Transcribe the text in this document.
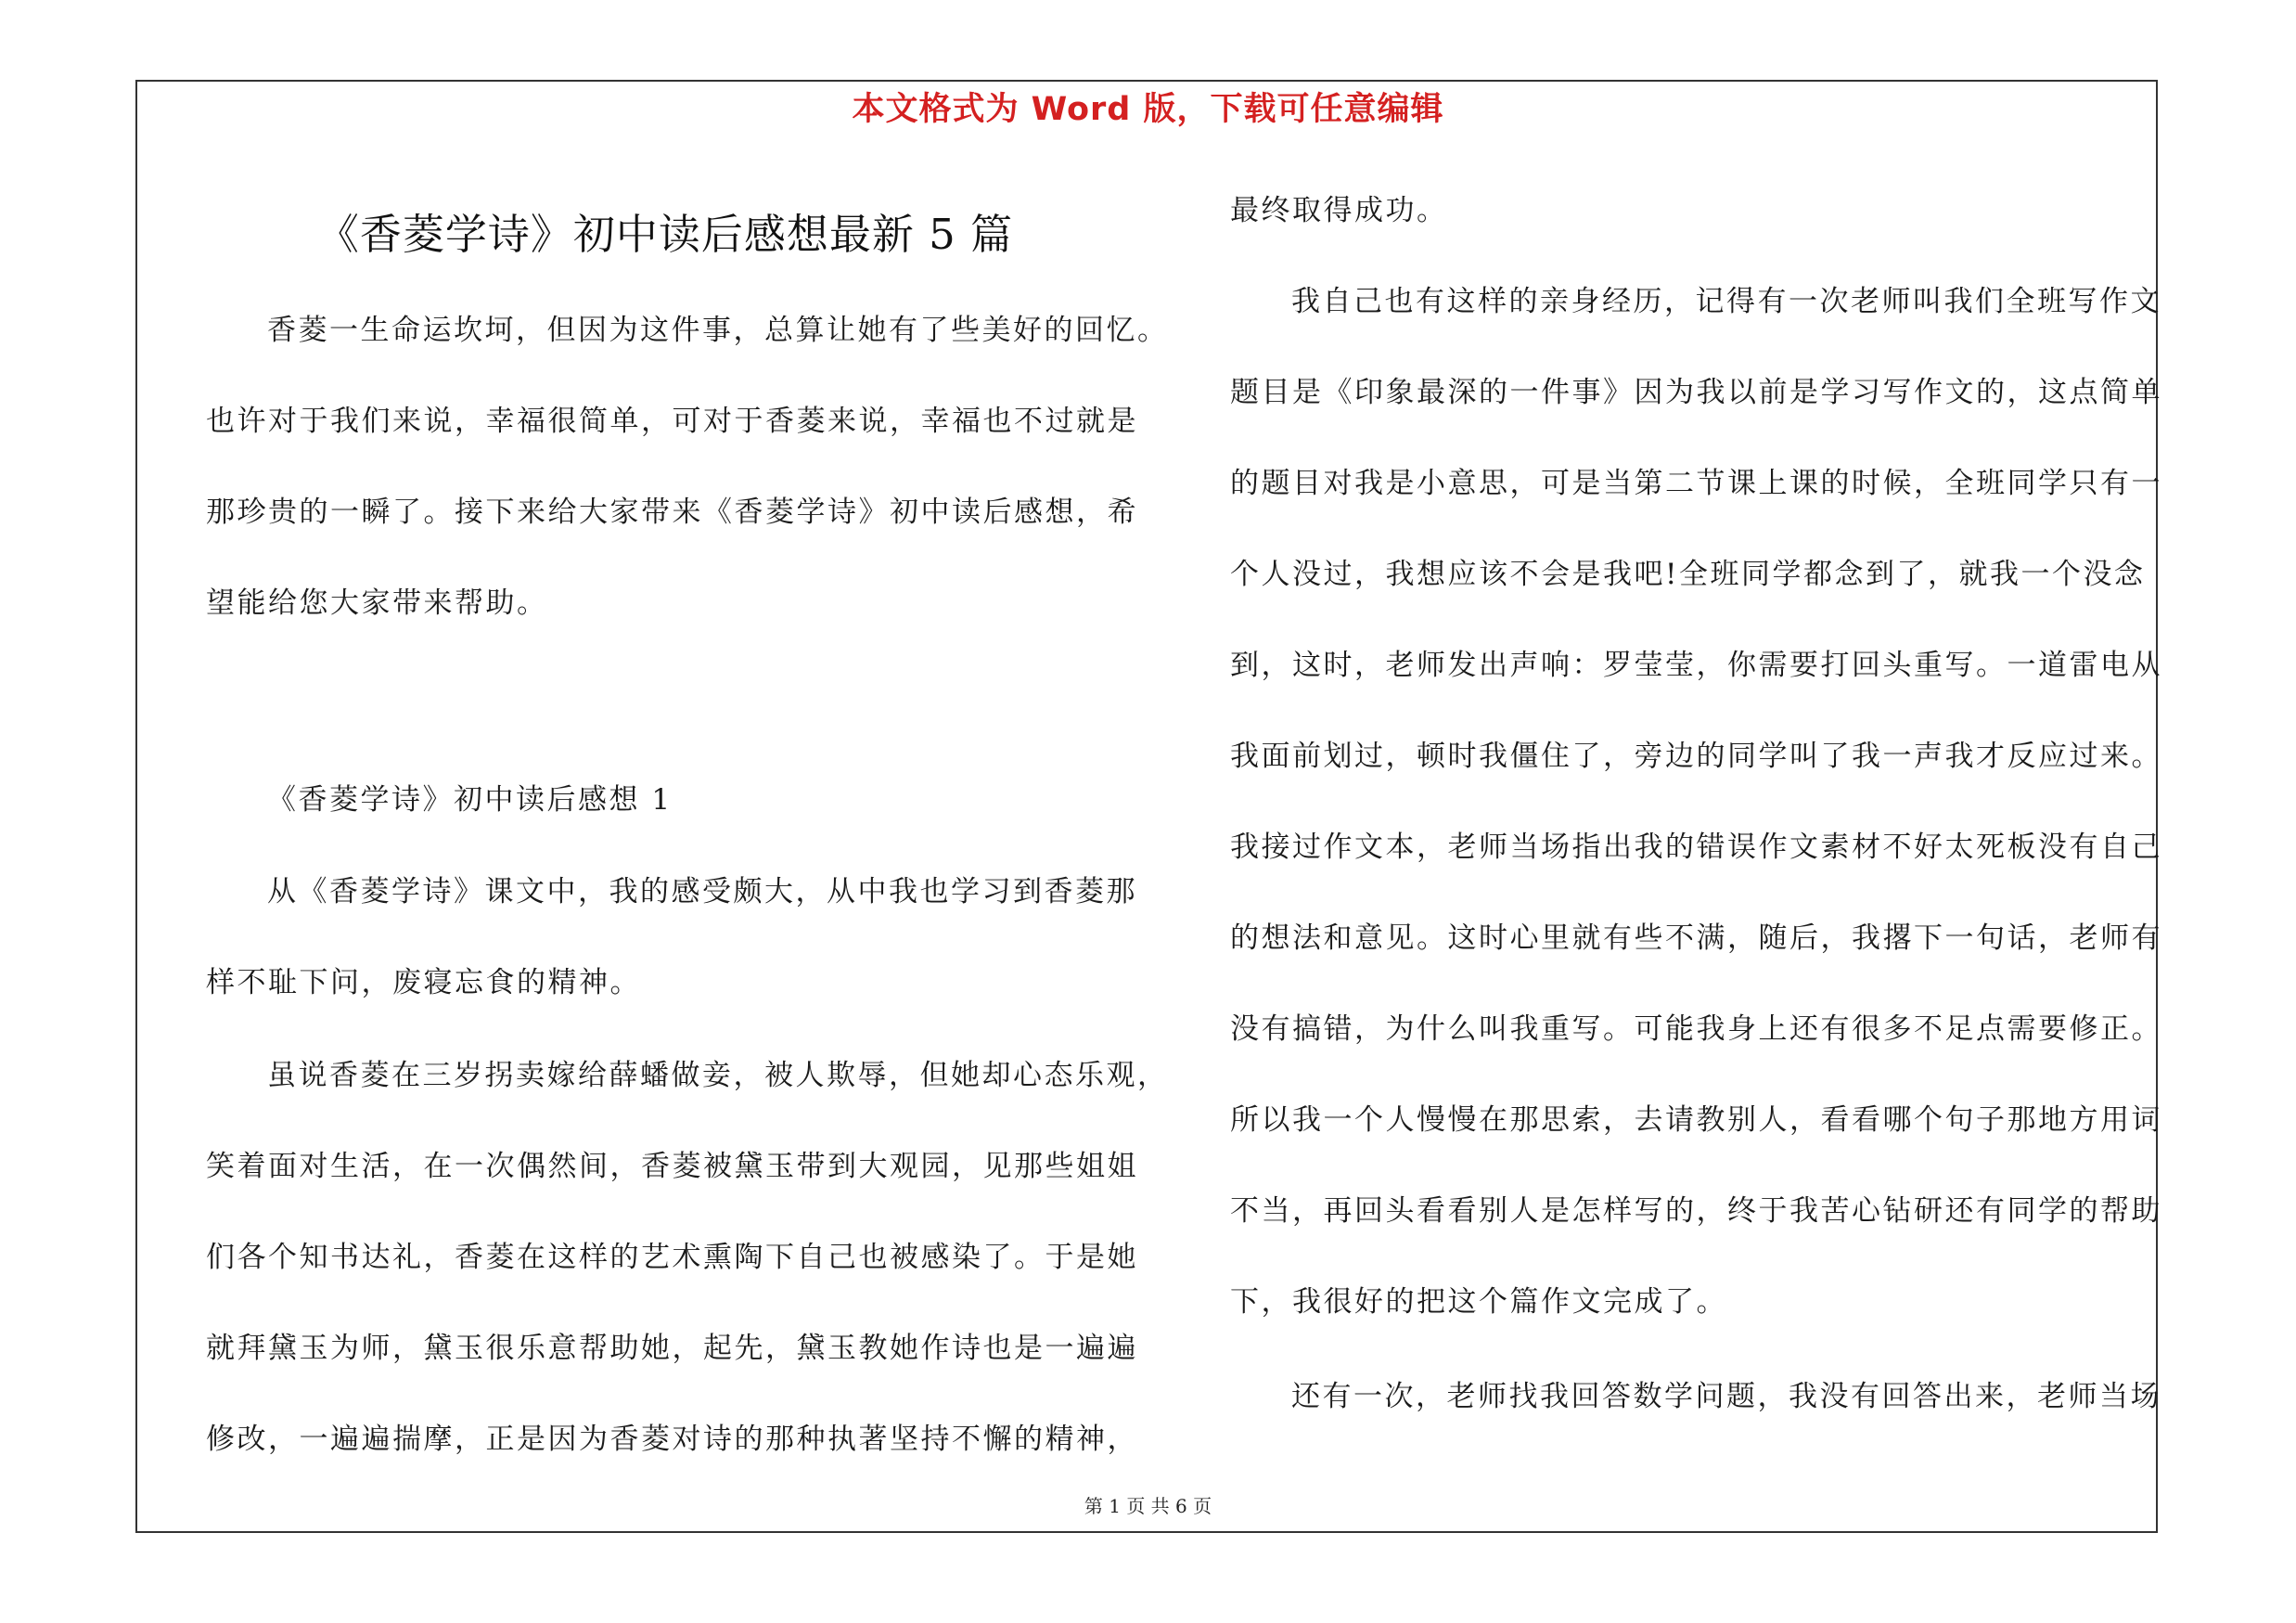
本文格式为 Word 版，下载可任意编辑
《香菱学诗》初中读后感想最新 5 篇
香菱一生命运坎坷，但因为这件事，总算让她有了些美好的回忆。
也许对于我们来说，幸福很简单，可对于香菱来说，幸福也不过就是
那珍贵的一瞬了。接下来给大家带来《香菱学诗》初中读后感想，希
望能给您大家带来帮助。
《香菱学诗》初中读后感想 1
从《香菱学诗》课文中，我的感受颇大，从中我也学习到香菱那
样不耻下问，废寝忘食的精神。
虽说香菱在三岁拐卖嫁给薛蟠做妾，被人欺辱，但她却心态乐观，
笑着面对生活，在一次偶然间，香菱被黛玉带到大观园，见那些姐姐
们各个知书达礼，香菱在这样的艺术熏陶下自己也被感染了。于是她
就拜黛玉为师，黛玉很乐意帮助她，起先，黛玉教她作诗也是一遍遍
修改，一遍遍揣摩，正是因为香菱对诗的那种执著坚持不懈的精神，
最终取得成功。
我自己也有这样的亲身经历，记得有一次老师叫我们全班写作文
题目是《印象最深的一件事》因为我以前是学习写作文的，这点简单
的题目对我是小意思，可是当第二节课上课的时候，全班同学只有一
个人没过，我想应该不会是我吧!全班同学都念到了，就我一个没念
到，这时，老师发出声响：罗莹莹，你需要打回头重写。一道雷电从
我面前划过，顿时我僵住了，旁边的同学叫了我一声我才反应过来。
我接过作文本，老师当场指出我的错误作文素材不好太死板没有自己
的想法和意见。这时心里就有些不满，随后，我撂下一句话，老师有
没有搞错，为什么叫我重写。可能我身上还有很多不足点需要修正。
所以我一个人慢慢在那思索，去请教别人，看看哪个句子那地方用词
不当，再回头看看别人是怎样写的，终于我苦心钻研还有同学的帮助
下，我很好的把这个篇作文完成了。
还有一次，老师找我回答数学问题，我没有回答出来，老师当场
第 1 页 共 6 页
